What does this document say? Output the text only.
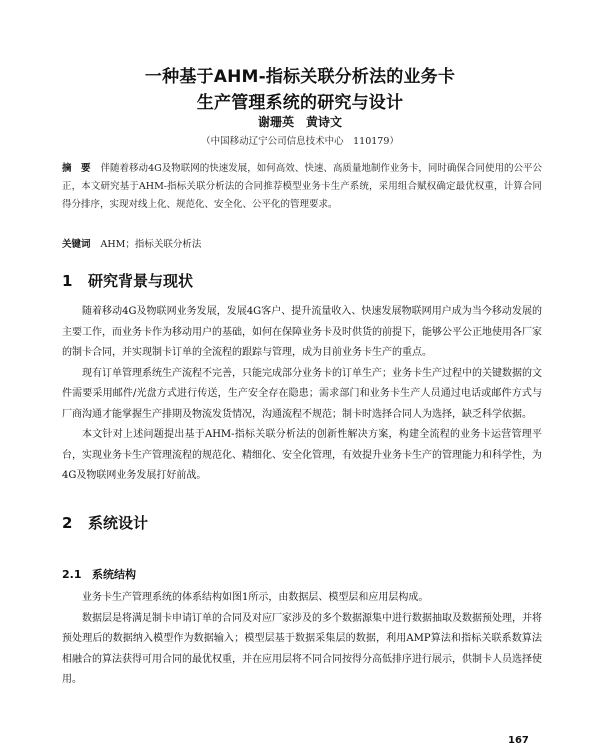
一种基于AHM-指标关联分析法的业务卡
生产管理系统的研究与设计
谢珊英　黄诗文
（中国移动辽宁公司信息技术中心　110179）
摘　要 伴随着移动4G及物联网的快速发展，如何高效、快速、高质量地制作业务卡，同时确保合同使用的公平公正，本文研究基于AHM-指标关联分析法的合同推荐模型业务卡生产系统，采用组合赋权确定最优权重，计算合同得分排序，实现对线上化、规范化、安全化、公平化的管理要求。
关键词 AHM；指标关联分析法
1 研究背景与现状

随着移动4G及物联网业务发展，发展4G客户、提升流量收入、快速发展物联网用户成为当今移动发展的主要工作，而业务卡作为移动用户的基础，如何在保障业务卡及时供货的前提下，能够公平公正地使用各厂家的制卡合同，并实现制卡订单的全流程的跟踪与管理，成为目前业务卡生产的重点。

现有订单管理系统生产流程不完善，只能完成部分业务卡的订单生产；业务卡生产过程中的关键数据的文件需要采用邮件/光盘方式进行传送，生产安全存在隐患；需求部门和业务卡生产人员通过电话或邮件方式与厂商沟通才能掌握生产排期及物流发货情况，沟通流程不规范；制卡时选择合同人为选择，缺乏科学依据。

本文针对上述问题提出基于AHM-指标关联分析法的创新性解决方案，构建全流程的业务卡运营管理平台，实现业务卡生产管理流程的规范化、精细化、安全化管理，有效提升业务卡生产的管理能力和科学性，为4G及物联网业务发展打好前战。

2 系统设计
2.1 系统结构

业务卡生产管理系统的体系结构如图1所示，由数据层、模型层和应用层构成。

数据层是将满足制卡申请订单的合同及对应厂家涉及的多个数据源集中进行数据抽取及数据预处理，并将预处理后的数据纳入模型作为数据输入；模型层基于数据采集层的数据，利用AMP算法和指标关联系数算法相融合的算法获得可用合同的最优权重，并在应用层将不同合同按得分高低排序进行展示，供制卡人员选择使用。

167
